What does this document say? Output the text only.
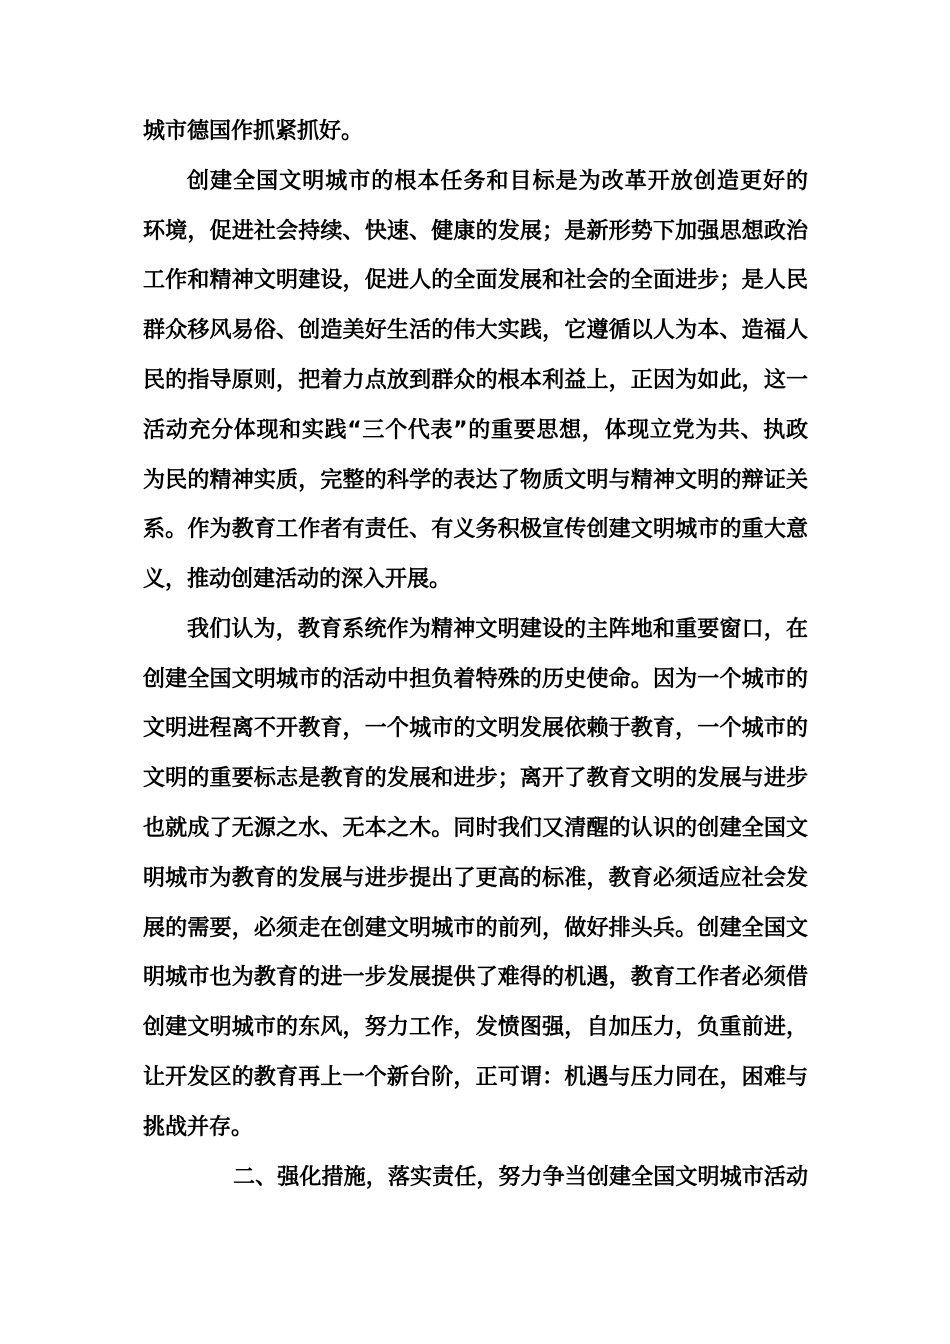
城市德国作抓紧抓好。
创建全国文明城市的根本任务和目标是为改革开放创造更好的
环境，促进社会持续、快速、健康的发展；是新形势下加强思想政治
工作和精神文明建设，促进人的全面发展和社会的全面进步；是人民
群众移风易俗、创造美好生活的伟大实践，它遵循以人为本、造福人
民的指导原则，把着力点放到群众的根本利益上，正因为如此，这一
活动充分体现和实践“三个代表”的重要思想，体现立党为共、执政
为民的精神实质，完整的科学的表达了物质文明与精神文明的辩证关
系。作为教育工作者有责任、有义务积极宣传创建文明城市的重大意
义，推动创建活动的深入开展。
我们认为，教育系统作为精神文明建设的主阵地和重要窗口，在
创建全国文明城市的活动中担负着特殊的历史使命。因为一个城市的
文明进程离不开教育，一个城市的文明发展依赖于教育，一个城市的
文明的重要标志是教育的发展和进步；离开了教育文明的发展与进步
也就成了无源之水、无本之木。同时我们又清醒的认识的创建全国文
明城市为教育的发展与进步提出了更高的标准，教育必须适应社会发
展的需要，必须走在创建文明城市的前列，做好排头兵。创建全国文
明城市也为教育的进一步发展提供了难得的机遇，教育工作者必须借
创建文明城市的东风，努力工作，发愤图强，自加压力，负重前进，
让开发区的教育再上一个新台阶，正可谓：机遇与压力同在，困难与
挑战并存。
二、强化措施，落实责任，努力争当创建全国文明城市活动
